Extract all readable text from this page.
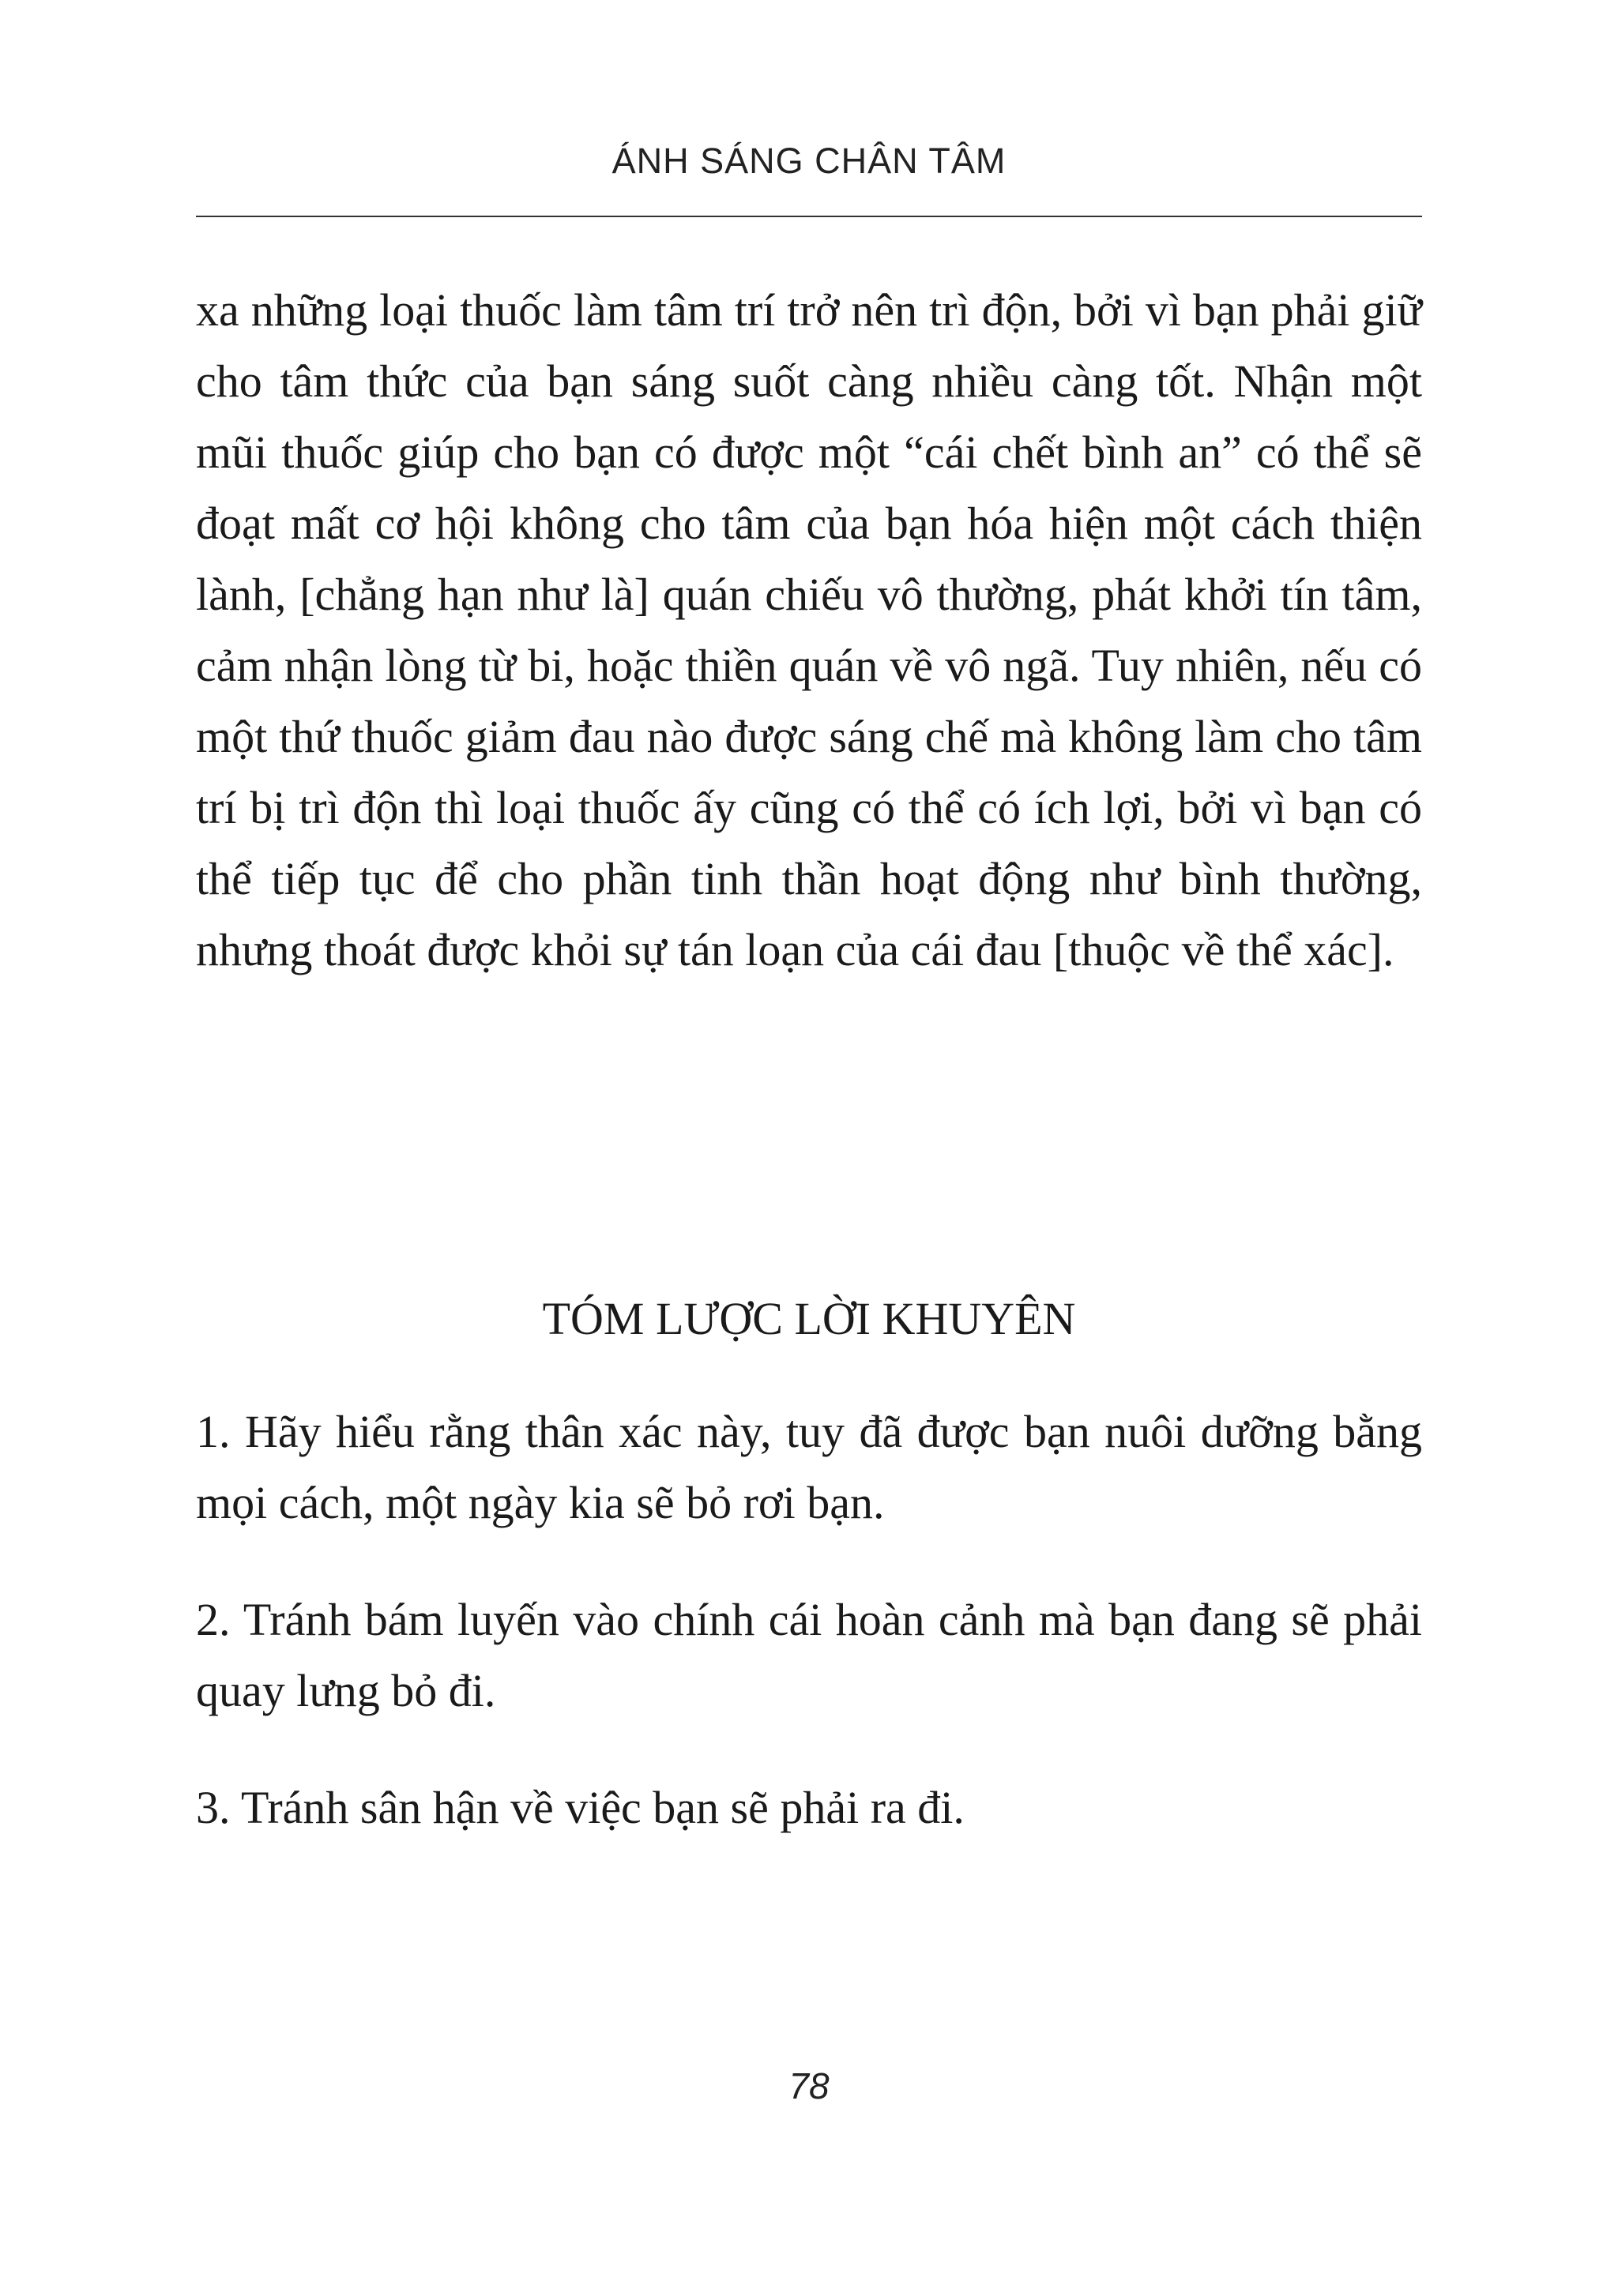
ÁNH SÁNG CHÂN TÂM

xa những loại thuốc làm tâm trí trở nên trì độn, bởi vì bạn phải giữ cho tâm thức của bạn sáng suốt càng nhiều càng tốt. Nhận một mũi thuốc giúp cho bạn có được một “cái chết bình an” có thể sẽ đoạt mất cơ hội không cho tâm của bạn hóa hiện một cách thiện lành, [chẳng hạn như là] quán chiếu vô thường, phát khởi tín tâm, cảm nhận lòng từ bi, hoặc thiền quán về vô ngã. Tuy nhiên, nếu có một thứ thuốc giảm đau nào được sáng chế mà không làm cho tâm trí bị trì độn thì loại thuốc ấy cũng có thể có ích lợi, bởi vì bạn có thể tiếp tục để cho phần tinh thần hoạt động như bình thường, nhưng thoát được khỏi sự tán loạn của cái đau [thuộc về thể xác].

TÓM LƯỢC LỜI KHUYÊN
1. Hãy hiểu rằng thân xác này, tuy đã được bạn nuôi dưỡng bằng mọi cách, một ngày kia sẽ bỏ rơi bạn.
2. Tránh bám luyến vào chính cái hoàn cảnh mà bạn đang sẽ phải quay lưng bỏ đi.
3. Tránh sân hận về việc bạn sẽ phải ra đi.
78
